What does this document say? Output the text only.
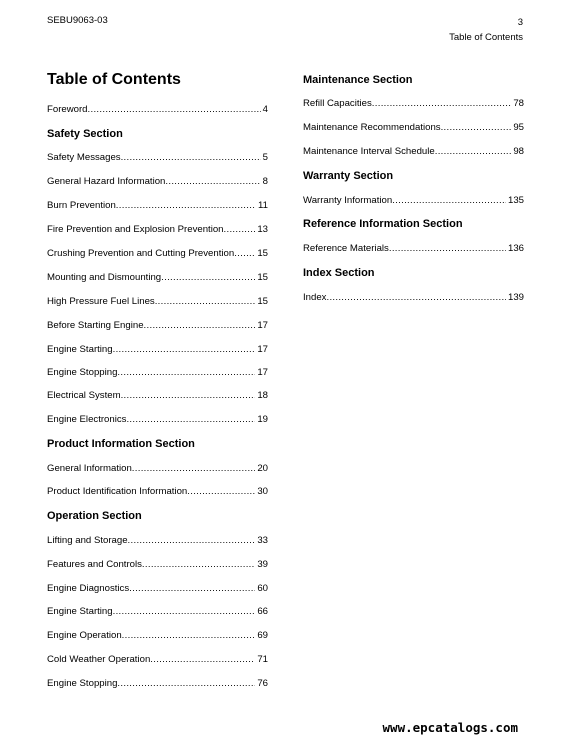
SEBU9063-03	3
Table of Contents
Table of Contents
Foreword .....	4
Safety Section
Safety Messages .....	5
General Hazard Information .....	8
Burn Prevention .....	11
Fire Prevention and Explosion Prevention .....	13
Crushing Prevention and Cutting Prevention ..... 15
Mounting and Dismounting .....	15
High Pressure Fuel Lines .....	15
Before Starting Engine .....	17
Engine Starting .....	17
Engine Stopping .....	17
Electrical System .....	18
Engine Electronics .....	19
Product Information Section
General Information .....	20
Product Identification Information .....	30
Operation Section
Lifting and Storage .....	33
Features and Controls .....	39
Engine Diagnostics .....	60
Engine Starting .....	66
Engine Operation .....	69
Cold Weather Operation .....	71
Engine Stopping .....	76
Maintenance Section
Refill Capacities .....	78
Maintenance Recommendations .....	95
Maintenance Interval Schedule .....	98
Warranty Section
Warranty Information .....	135
Reference Information Section
Reference Materials .....	136
Index Section
Index .....	139
www.epcatalogs.com
